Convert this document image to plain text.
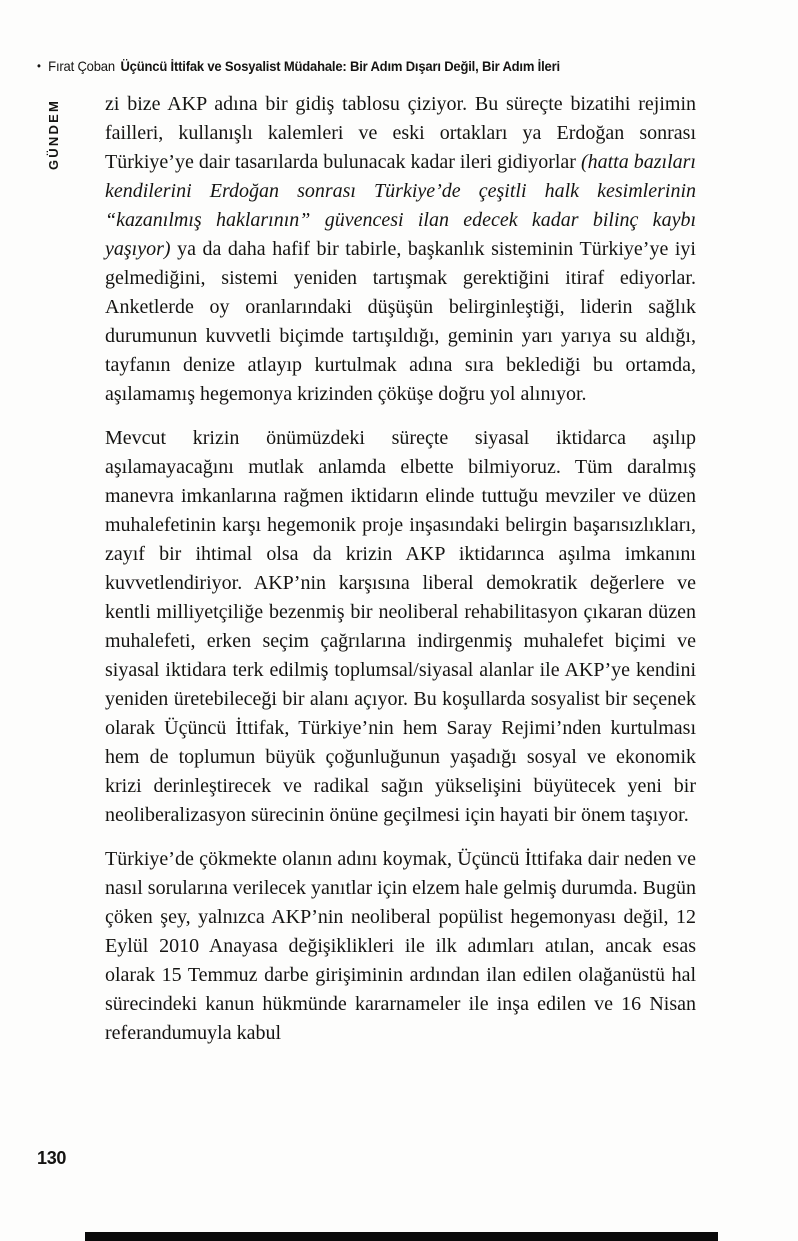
• Fırat Çoban Üçüncü İttifak ve Sosyalist Müdahale: Bir Adım Dışarı Değil, Bir Adım İleri
GÜNDEM zi bize AKP adına bir gidiş tablosu çiziyor. Bu süreçte bizatihi rejimin failleri, kullanışlı kalemleri ve eski ortakları ya Erdoğan sonrası Türkiye’ye dair tasarılarda bulunacak kadar ileri gidiyorlar (hatta bazıları kendilerini Erdoğan sonrası Türkiye’de çeşitli halk kesimlerinin “kazanılmış haklarının” güvencesi ilan edecek kadar bilinç kaybı yaşıyor) ya da daha hafif bir tabirle, başkanlık sisteminin Türkiye’ye iyi gelmediğini, sistemi yeniden tartışmak gerektiğini itiraf ediyorlar. Anketlerde oy oranlarındaki düşüşün belirginleştiği, liderin sağlık durumunun kuvvetli biçimde tartışıldığı, geminin yarı yarıya su aldığı, tayfanın denize atlayıp kurtulmak adına sıra beklediği bu ortamda, aşılamamış hegemonya krizinden çöküşe doğru yol alınıyor.

Mevcut krizin önümüzdeki süreçte siyasal iktidarca aşılıp aşılamayacağını mutlak anlamda elbette bilmiyoruz. Tüm daralmış manevra imkanlarına rağmen iktidarın elinde tuttuğu mevziler ve düzen muhalefetinin karşı hegemonik proje inşasındaki belirgin başarısızlıkları, zayıf bir ihtimal olsa da krizin AKP iktidarınca aşılma imkanını kuvvetlendiriyor. AKP’nin karşısına liberal demokratik değerlere ve kentli milliyetçiliğe bezenmiş bir neoliberal rehabilitasyon çıkaran düzen muhalefeti, erken seçim çağrılarına indirgenmiş muhalefet biçimi ve siyasal iktidara terk edilmiş toplumsal/siyasal alanlar ile AKP’ye kendini yeniden üretebileceği bir alanı açıyor. Bu koşullarda sosyalist bir seçenek olarak Üçüncü İttifak, Türkiye’nin hem Saray Rejimi’nden kurtulması hem de toplumun büyük çoğunluğunun yaşadığı sosyal ve ekonomik krizi derinleştirecek ve radikal sağın yükselişini büyütecek yeni bir neoliberalizasyon sürecinin önüne geçilmesi için hayati bir önem taşıyor.

Türkiye’de çökmekte olanın adını koymak, Üçüncü İttifaka dair neden ve nasıl sorularına verilecek yanıtlar için elzem hale gelmiş durumda. Bugün çöken şey, yalnızca AKP’nin neoliberal popülist hegemonyası değil, 12 Eylül 2010 Anayasa değişiklikleri ile ilk adımları atılan, ancak esas olarak 15 Temmuz darbe girişiminin ardından ilan edilen olağanüstü hal sürecindeki kanun hükmünde kararnameler ile inşa edilen ve 16 Nisan referandumuyla kabul

130
